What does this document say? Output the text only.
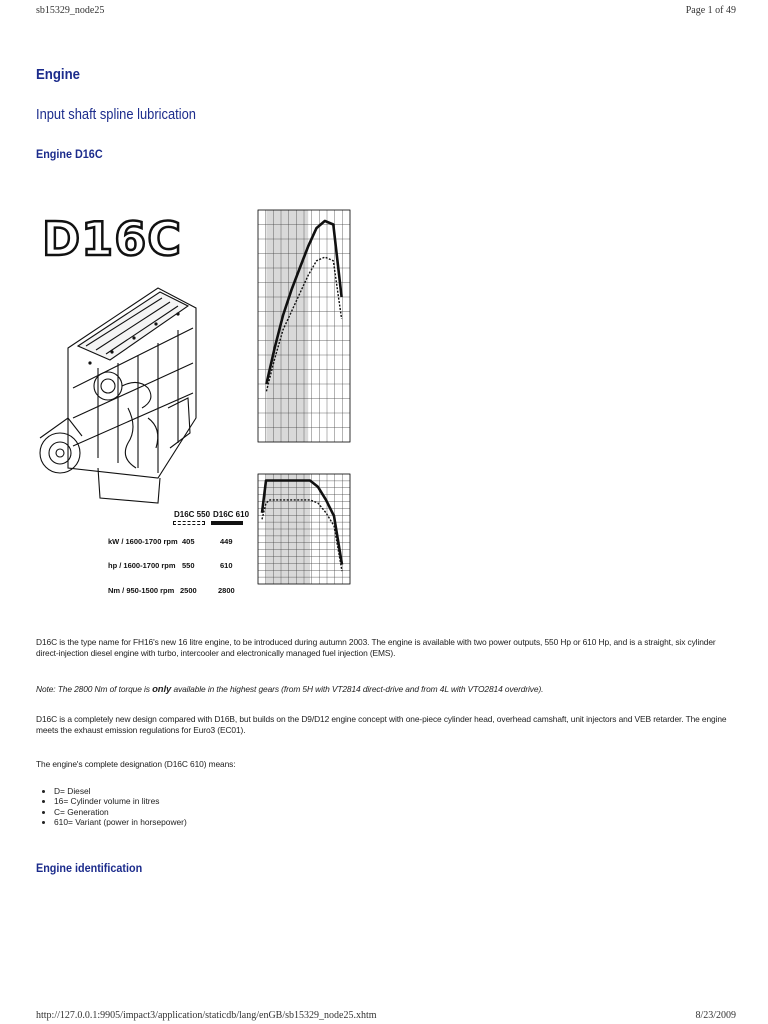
sb15329_node25	Page 1 of 49
http://127.0.0.1:9905/impact3/application/staticdb/lang/enGB/sb15329_node25.xhtm	8/23/2009
Engine
Input shaft spline lubrication
Engine D16C
D16C
D16C 550 D16C 610
kW / 1600-1700 rpm 405	449
hp / 1600-1700 rpm 550	610
Nm / 950-1500 rpm 2500	2800

D16C is the type name for FH16's new 16 litre engine, to be introduced during autumn 2003. The engine is available with two power outputs, 550 Hp or 610 Hp, and is a straight, six cylinder direct-injection diesel engine with turbo, intercooler and electronically managed fuel injection (EMS).

Note: The 2800 Nm of torque is only available in the highest gears (from 5H with VT2814 direct-drive and from 4L with VTO2814 overdrive).

D16C is a completely new design compared with D16B, but builds on the D9/D12 engine concept with one-piece cylinder head, overhead camshaft, unit injectors and VEB retarder. The engine meets the exhaust emission regulations for Euro3 (EC01).

The engine's complete designation (D16C 610) means:

• D= Diesel
• 16= Cylinder volume in litres
• C= Generation
• 610= Variant (power in horsepower)
Engine identification
